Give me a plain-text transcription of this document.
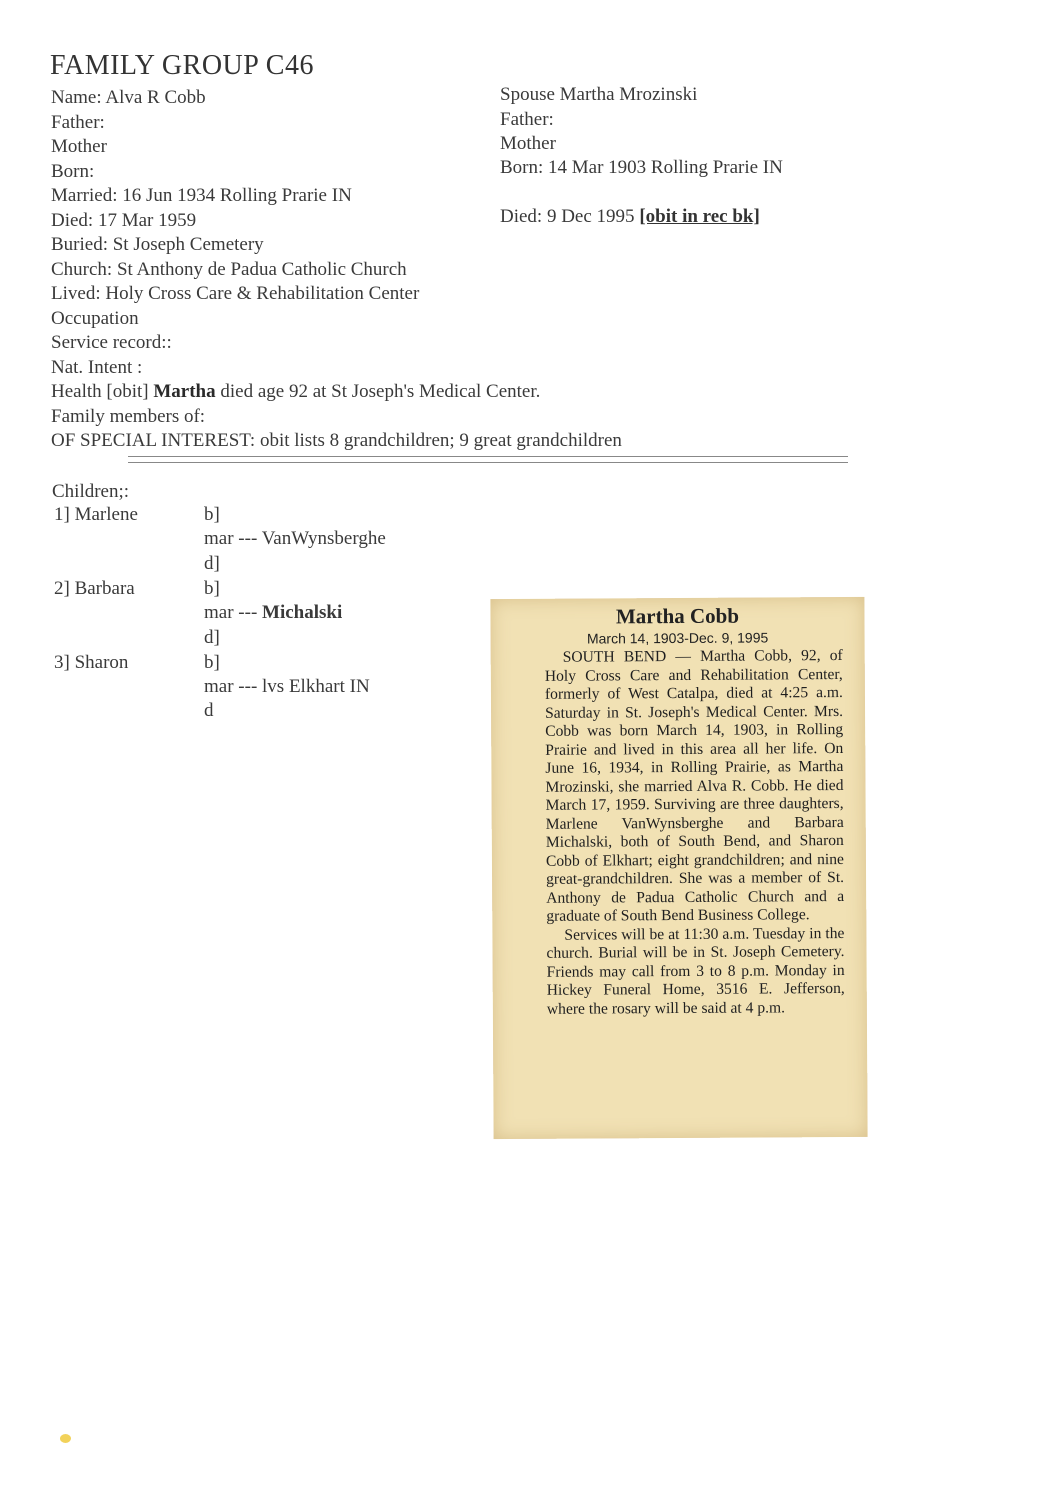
FAMILY GROUP C46
Name: Alva R Cobb
Father:
Mother
Born:
Married: 16 Jun 1934 Rolling Prarie IN
Died: 17 Mar 1959
Buried: St Joseph Cemetery
Church: St Anthony de Padua Catholic Church
Lived: Holy Cross Care & Rehabilitation Center
Occupation
Service record::
Nat. Intent :
Spouse Martha Mrozinski
Father:
Mother
Born: 14 Mar 1903 Rolling Prarie IN
Died: 9 Dec 1995 [obit in rec bk]
Health [obit] Martha died age 92 at St Joseph's Medical Center.
Family members of:
OF SPECIAL INTEREST: obit lists 8 grandchildren; 9 great grandchildren
Children;:
1] Marlene	b]
mar --- VanWynsberghe
d]
2] Barbara	b]
mar --- Michalski
d]
3] Sharon	b]
mar --- lvs Elkhart IN
d
Martha Cobb
March 14, 1903-Dec. 9, 1995

SOUTH BEND — Martha Cobb, 92, of Holy Cross Care and Rehabilitation Center, formerly of West Catalpa, died at 4:25 a.m. Saturday in St. Joseph's Medical Center. Mrs. Cobb was born March 14, 1903, in Rolling Prairie and lived in this area all her life. On June 16, 1934, in Rolling Prairie, as Martha Mrozinski, she married Alva R. Cobb. He died March 17, 1959. Surviving are three daughters, Marlene VanWynsberghe and Barbara Michalski, both of South Bend, and Sharon Cobb of Elkhart; eight grandchildren; and nine great-grandchildren. She was a member of St. Anthony de Padua Catholic Church and a graduate of South Bend Business College.

Services will be at 11:30 a.m. Tuesday in the church. Burial will be in St. Joseph Cemetery. Friends may call from 3 to 8 p.m. Monday in Hickey Funeral Home, 3516 E. Jefferson, where the rosary will be said at 4 p.m.
